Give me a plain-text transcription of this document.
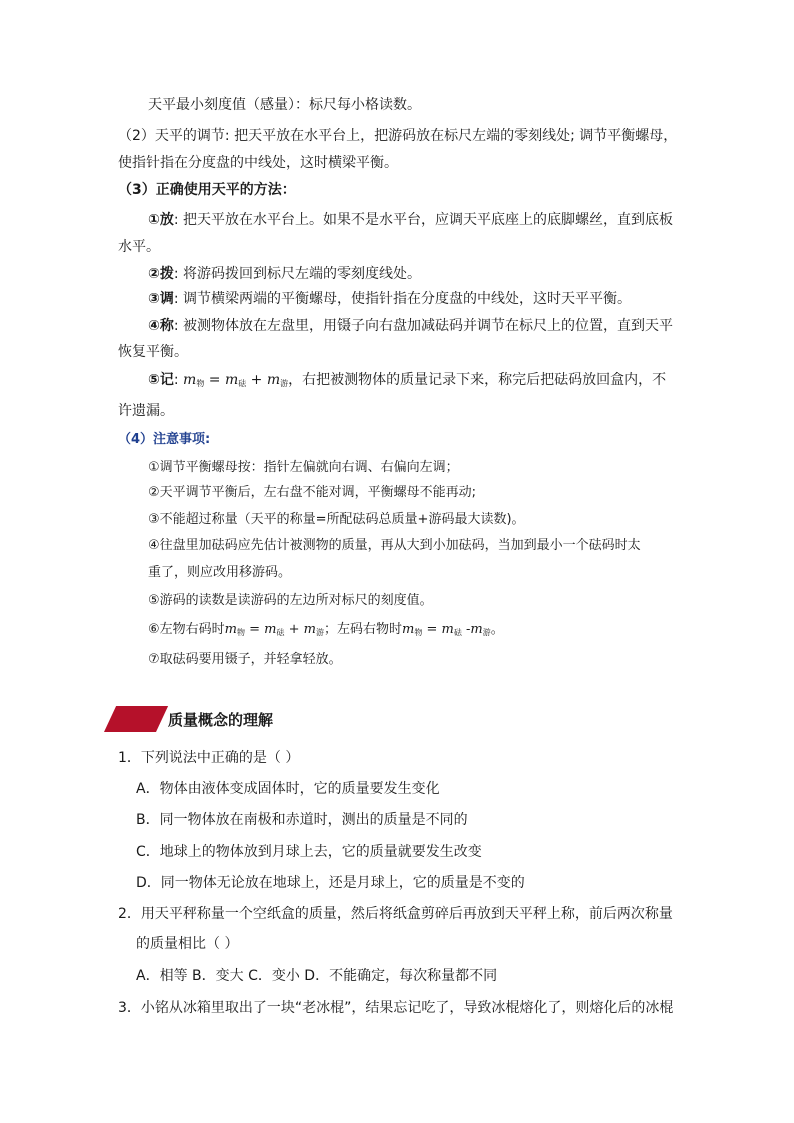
天平最小刻度值（感量）：标尺每小格读数。
（2）天平的调节: 把天平放在水平台上，把游码放在标尺左端的零刻线处; 调节平衡螺母，
使指针指在分度盘的中线处，这时横梁平衡。
（3）正确使用天平的方法：
①放: 把天平放在水平台上。如果不是水平台，应调天平底座上的底脚螺丝，直到底板
水平。
②拨: 将游码拨回到标尺左端的零刻度线处。
③调: 调节横梁两端的平衡螺母，使指针指在分度盘的中线处，这时天平平衡。
④称: 被测物体放在左盘里，用镊子向右盘加减砝码并调节在标尺上的位置，直到天平
恢复平衡。
⑤记: $m_物 = m_砝 + m_游$，右把被测物体的质量记录下来，称完后把砝码放回盒内，不
许遗漏。
（4）注意事项:
①调节平衡螺母按：指针左偏就向右调、右偏向左调；
②天平调节平衡后，左右盘不能对调，平衡螺母不能再动;
③不能超过称量（天平的称量=所配砝码总质量+游码最大读数)。
④往盘里加砝码应先估计被测物的质量，再从大到小加砝码，当加到最小一个砝码时太
重了，则应改用移游码。
⑤游码的读数是读游码的左边所对标尺的刻度值。
⑥左物右码时$m_物 = m_砝 + m_游$；左码右物时$m_物 = m_砝$ $-m_游$。
⑦取砝码要用镊子，并轻拿轻放。
质量概念的理解
1．下列说法中正确的是（ ）
A．物体由液体变成固体时，它的质量要发生变化
B．同一物体放在南极和赤道时，测出的质量是不同的
C．地球上的物体放到月球上去，它的质量就要发生改变
D．同一物体无论放在地球上，还是月球上，它的质量是不变的
2．用天平秤称量一个空纸盒的质量，然后将纸盒剪碎后再放到天平秤上称，前后两次称量
的质量相比（ ）
A．相等 B．变大 C．变小 D．不能确定，每次称量都不同
3．小铭从冰箱里取出了一块“老冰棍”，结果忘记吃了，导致冰棍熔化了，则熔化后的冰棍
